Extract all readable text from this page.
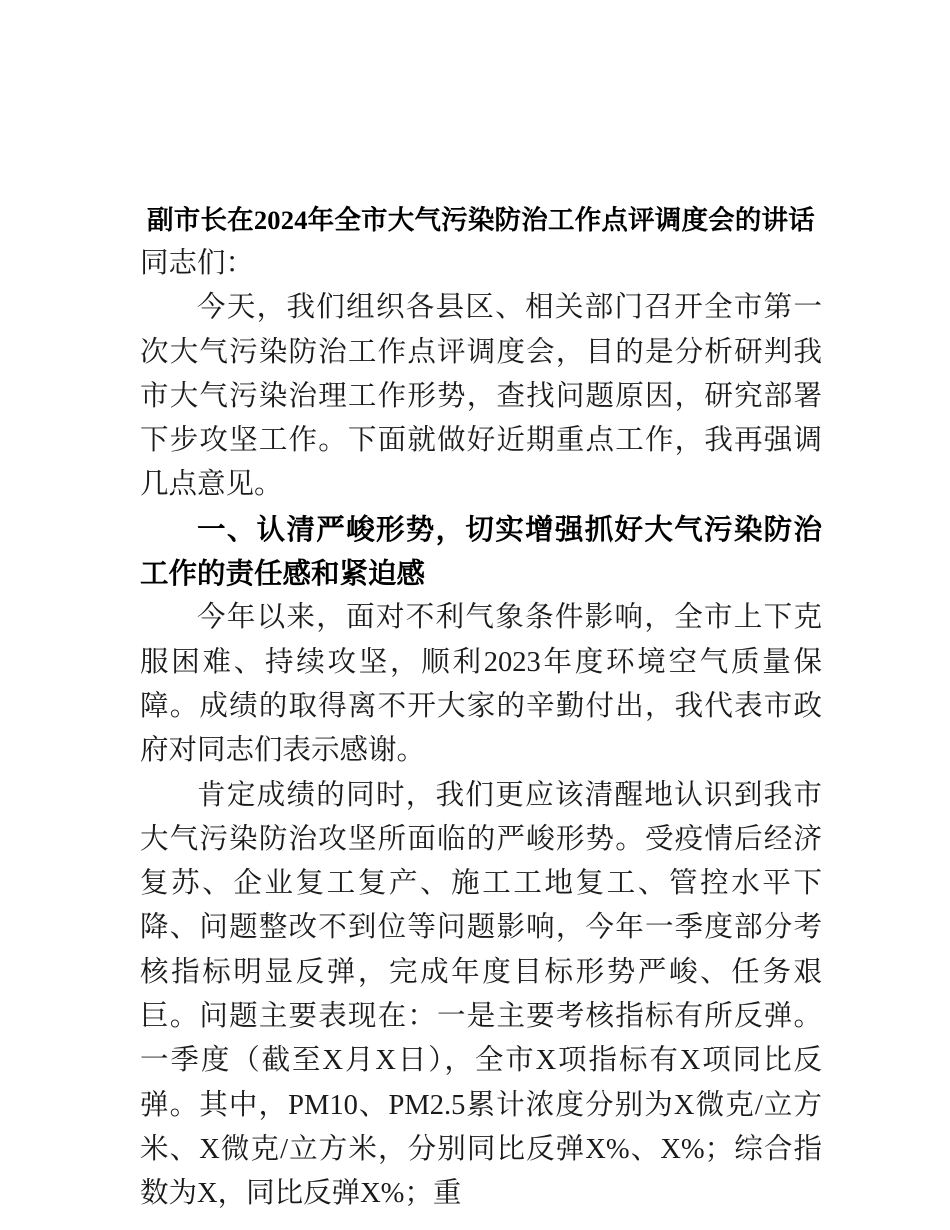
副市长在2024年全市大气污染防治工作点评调度会的讲话

同志们：

今天，我们组织各县区、相关部门召开全市第一次大气污染防治工作点评调度会，目的是分析研判我市大气污染治理工作形势，查找问题原因，研究部署下步攻坚工作。下面就做好近期重点工作，我再强调几点意见。

一、认清严峻形势，切实增强抓好大气污染防治工作的责任感和紧迫感

今年以来，面对不利气象条件影响，全市上下克服困难、持续攻坚，顺利2023年度环境空气质量保障。成绩的取得离不开大家的辛勤付出，我代表市政府对同志们表示感谢。

肯定成绩的同时，我们更应该清醒地认识到我市大气污染防治攻坚所面临的严峻形势。受疫情后经济复苏、企业复工复产、施工工地复工、管控水平下降、问题整改不到位等问题影响，今年一季度部分考核指标明显反弹，完成年度目标形势严峻、任务艰巨。问题主要表现在：一是主要考核指标有所反弹。一季度（截至X月X日），全市X项指标有X项同比反弹。其中，PM10、PM2.5累计浓度分别为X微克/立方米、X微克/立方米，分别同比反弹X%、X%；综合指数为X，同比反弹X%；重
